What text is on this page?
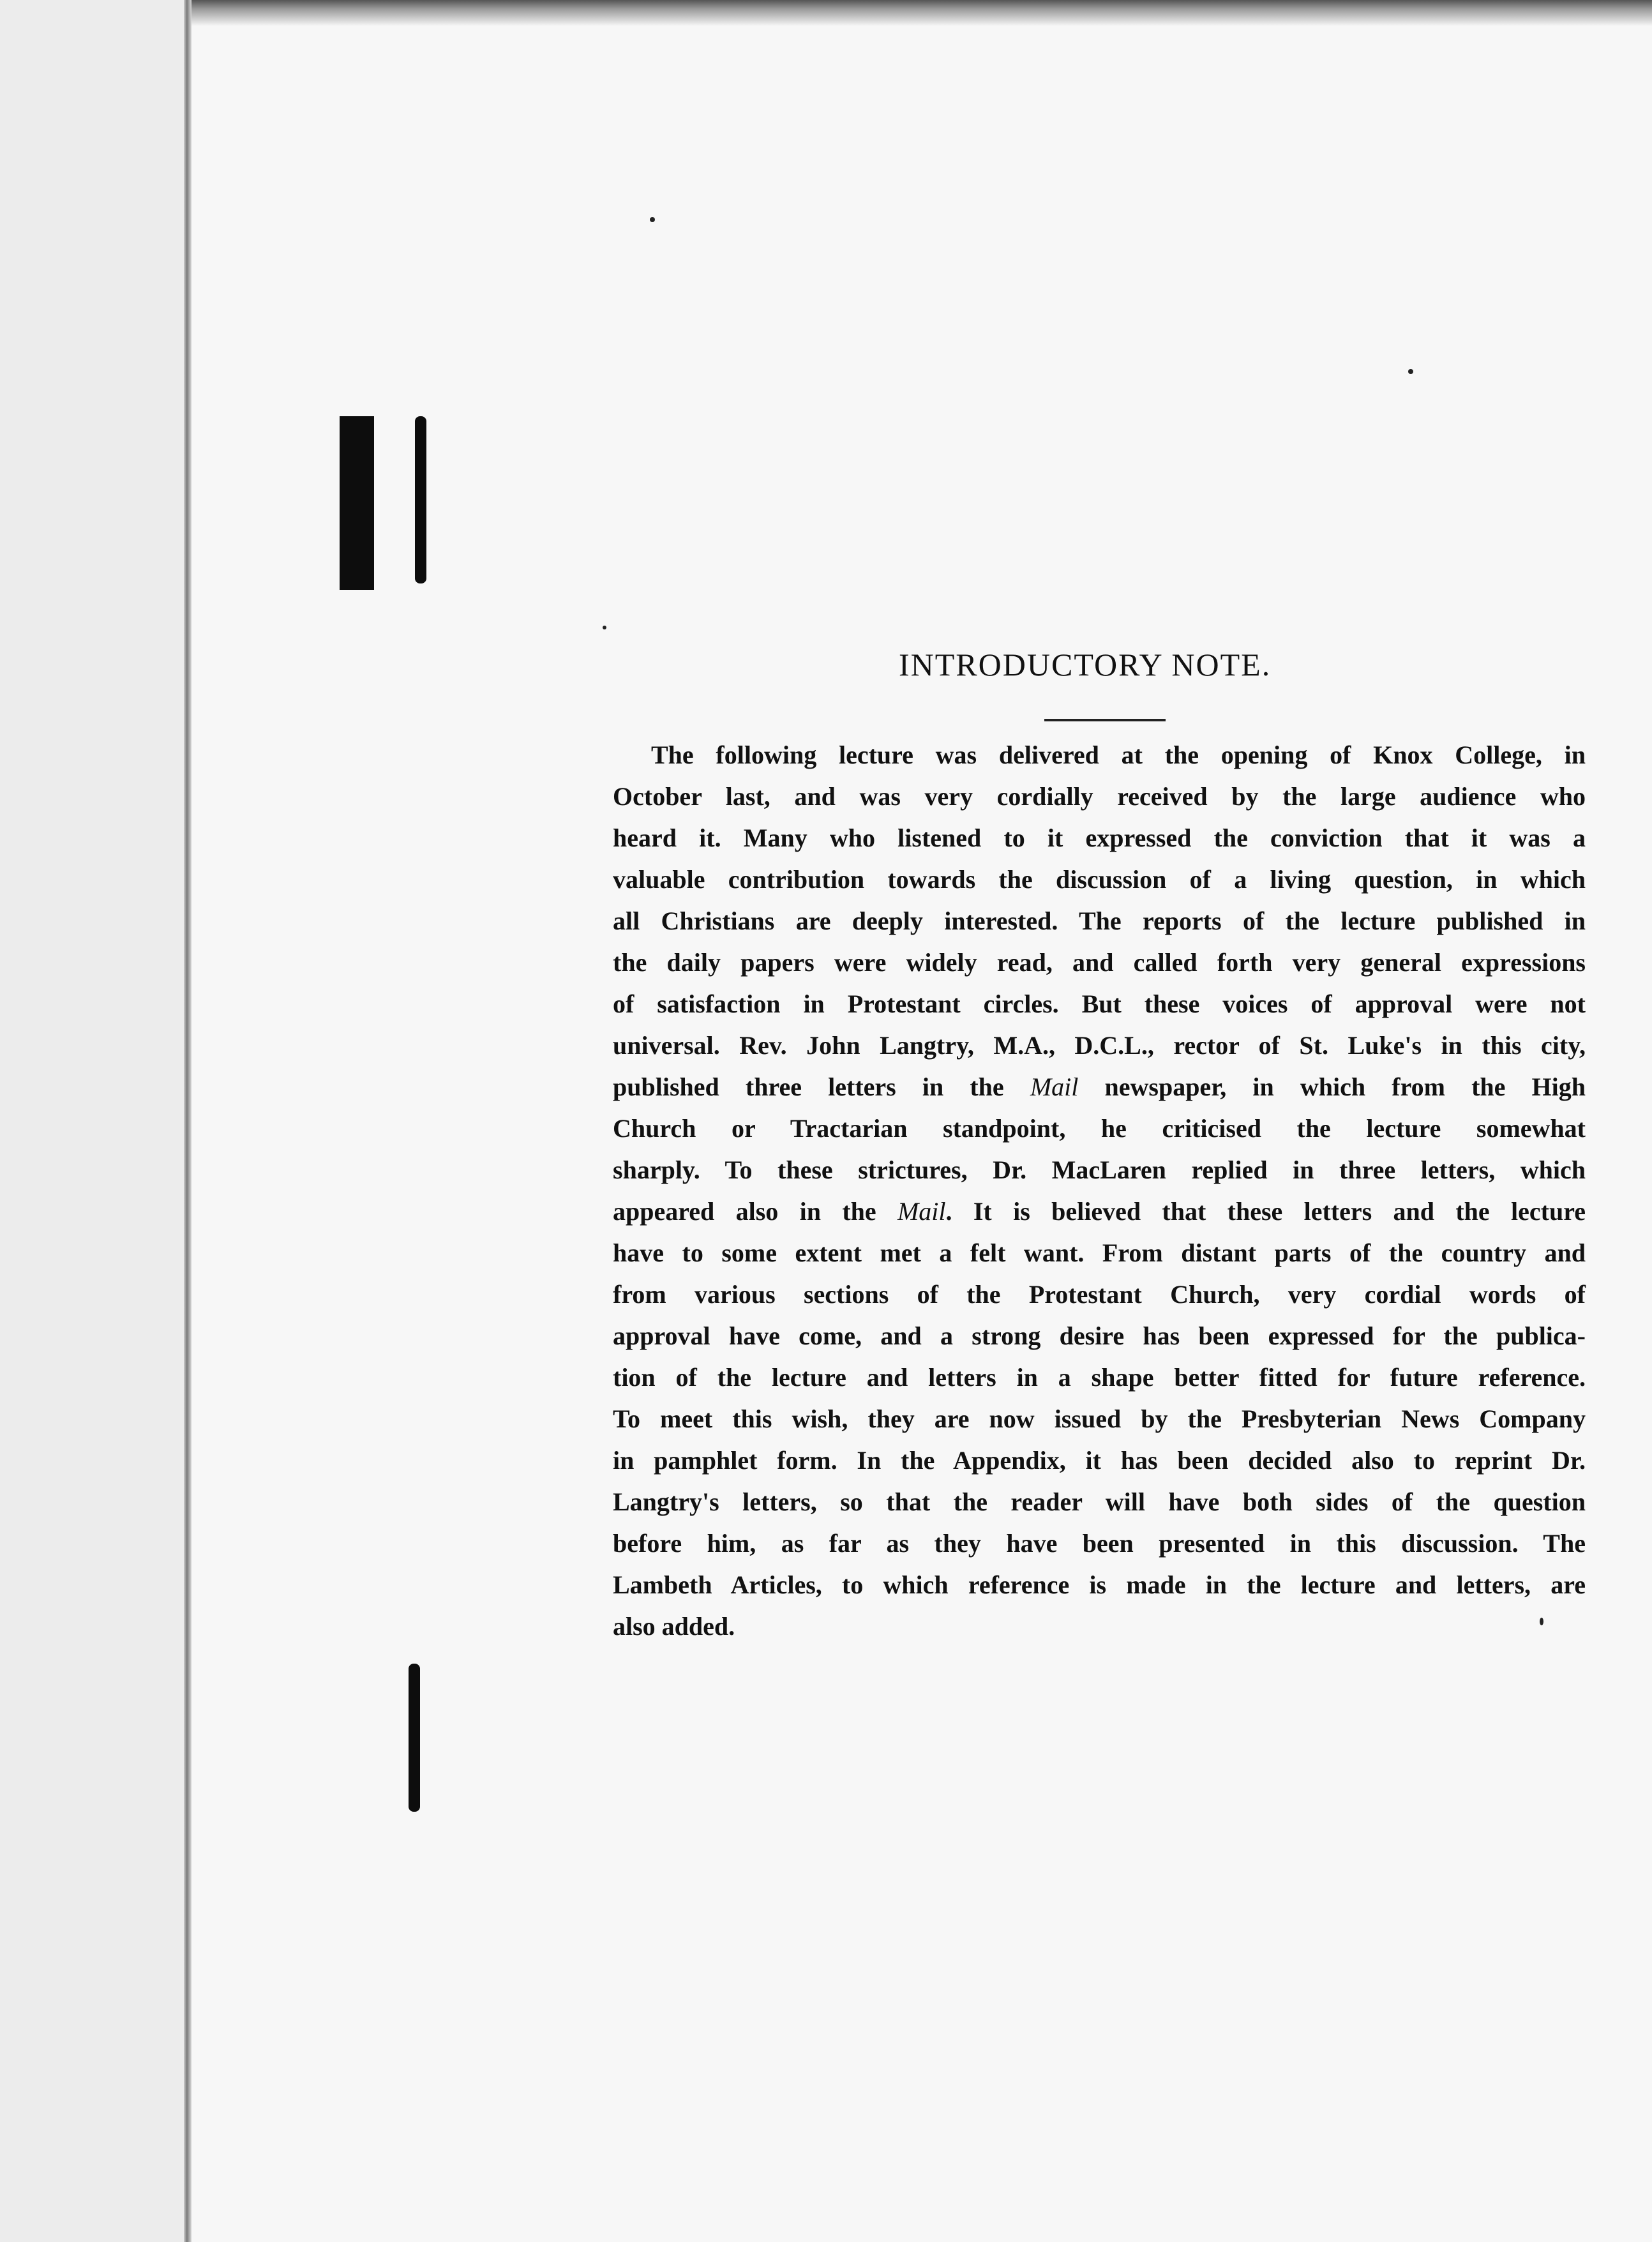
INTRODUCTORY NOTE.

The following lecture was delivered at the opening of Knox College, in
October last, and was very cordially received by the large audience who
heard it. Many who listened to it expressed the conviction that it was a
valuable contribution towards the discussion of a living question, in which
all Christians are deeply interested. The reports of the lecture published in
the daily papers were widely read, and called forth very general expressions
of satisfaction in Protestant circles. But these voices of approval were not
universal. Rev. John Langtry, M.A., D.C.L., rector of St. Luke's in this city,
published three letters in the Mail newspaper, in which from the High
Church or Tractarian standpoint, he criticised the lecture somewhat
sharply. To these strictures, Dr. MacLaren replied in three letters, which
appeared also in the Mail. It is believed that these letters and the lecture
have to some extent met a felt want. From distant parts of the country and
from various sections of the Protestant Church, very cordial words of
approval have come, and a strong desire has been expressed for the publica-
tion of the lecture and letters in a shape better fitted for future reference.
To meet this wish, they are now issued by the Presbyterian News Company
in pamphlet form. In the Appendix, it has been decided also to reprint Dr.
Langtry's letters, so that the reader will have both sides of the question
before him, as far as they have been presented in this discussion. The
Lambeth Articles, to which reference is made in the lecture and letters, are
also added.
